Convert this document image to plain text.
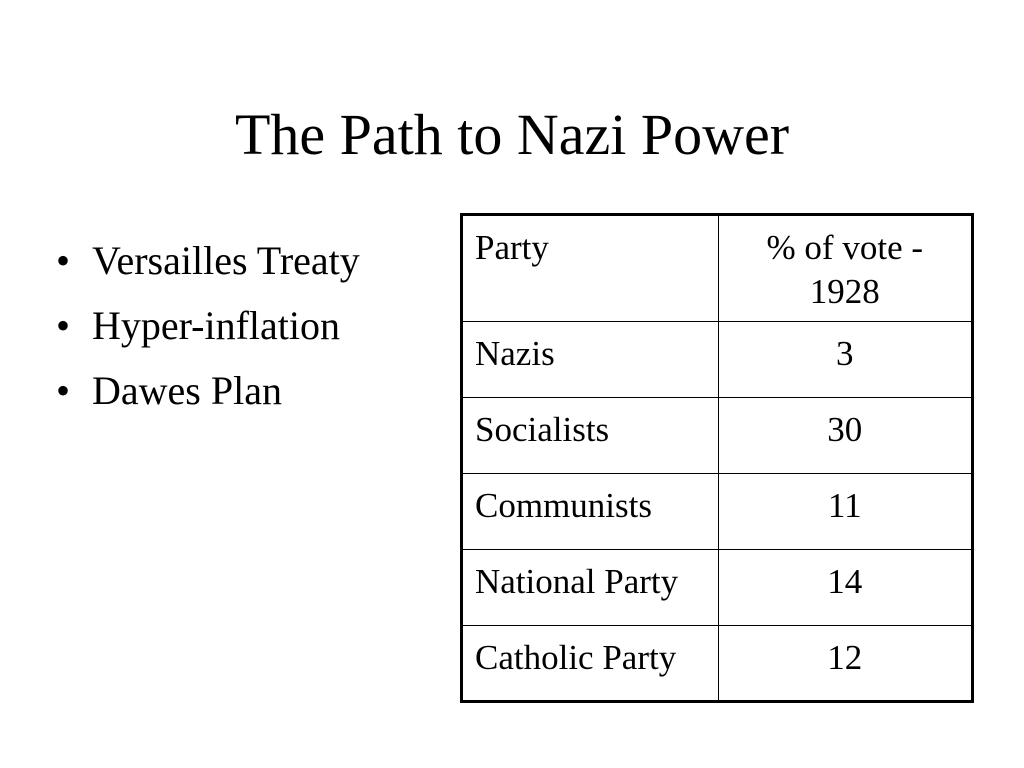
The Path to Nazi Power
• Versailles Treaty
• Hyper-inflation
• Dawes Plan
Party	% of vote - 1928
Nazis	3
Socialists	30
Communists	11
National Party	14
Catholic Party	12
